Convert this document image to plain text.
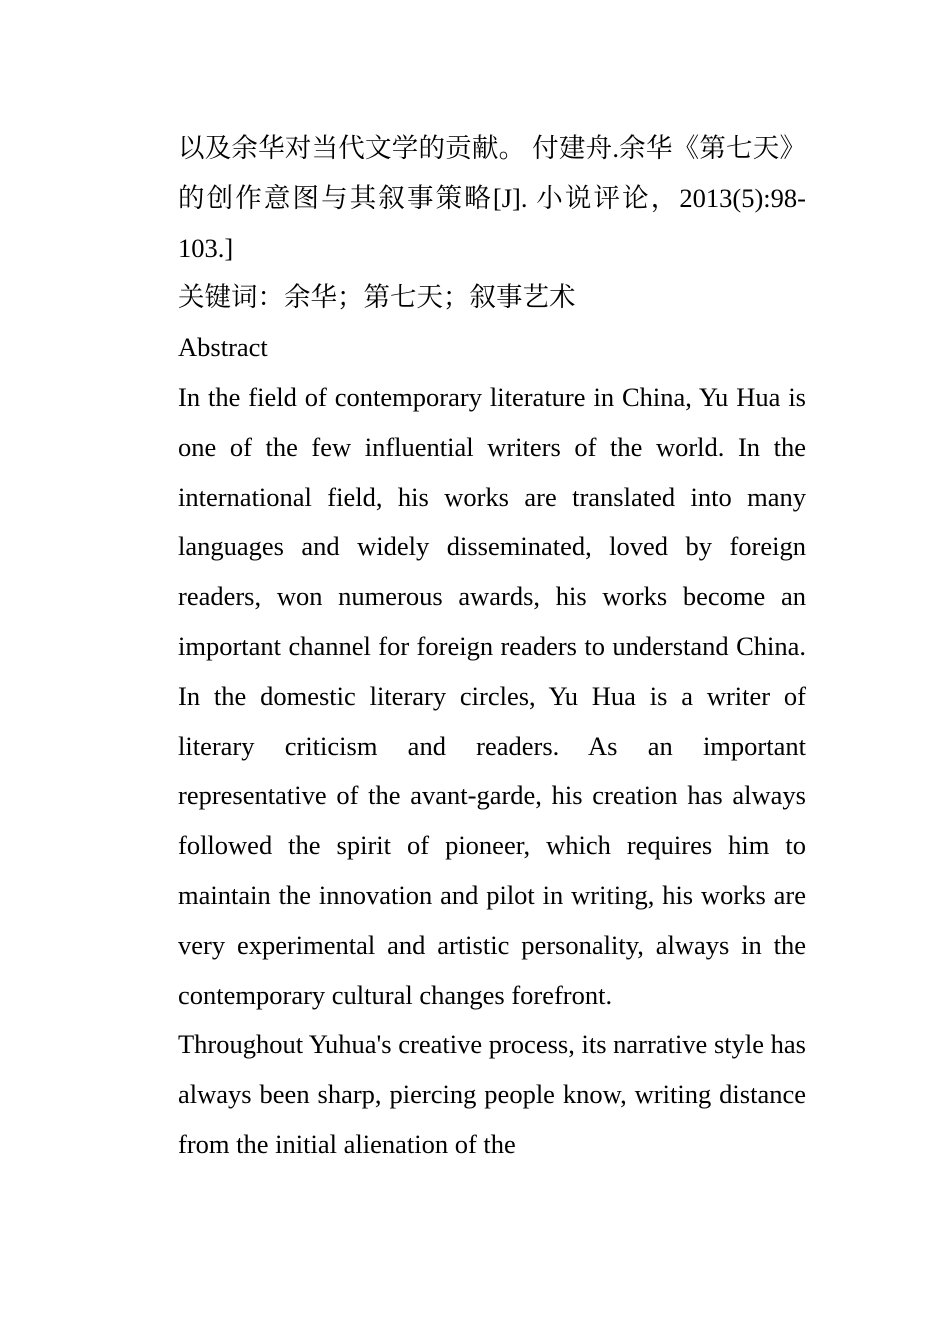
以及余华对当代文学的贡献。 付建舟.余华《第七天》的创作意图与其叙事策略[J]. 小说评论，2013(5):98-103.]

关键词：余华；第七天；叙事艺术

Abstract

In the field of contemporary literature in China, Yu Hua is one of the few influential writers of the world. In the international field, his works are translated into many languages and widely disseminated, loved by foreign readers, won numerous awards, his works become an important channel for foreign readers to understand China. In the domestic literary circles, Yu Hua is a writer of literary criticism and readers. As an important representative of the avant-garde, his creation has always followed the spirit of pioneer, which requires him to maintain the innovation and pilot in writing, his works are very experimental and artistic personality, always in the contemporary cultural changes forefront.

Throughout Yuhua's creative process, its narrative style has always been sharp, piercing people know, writing distance from the initial alienation of the
